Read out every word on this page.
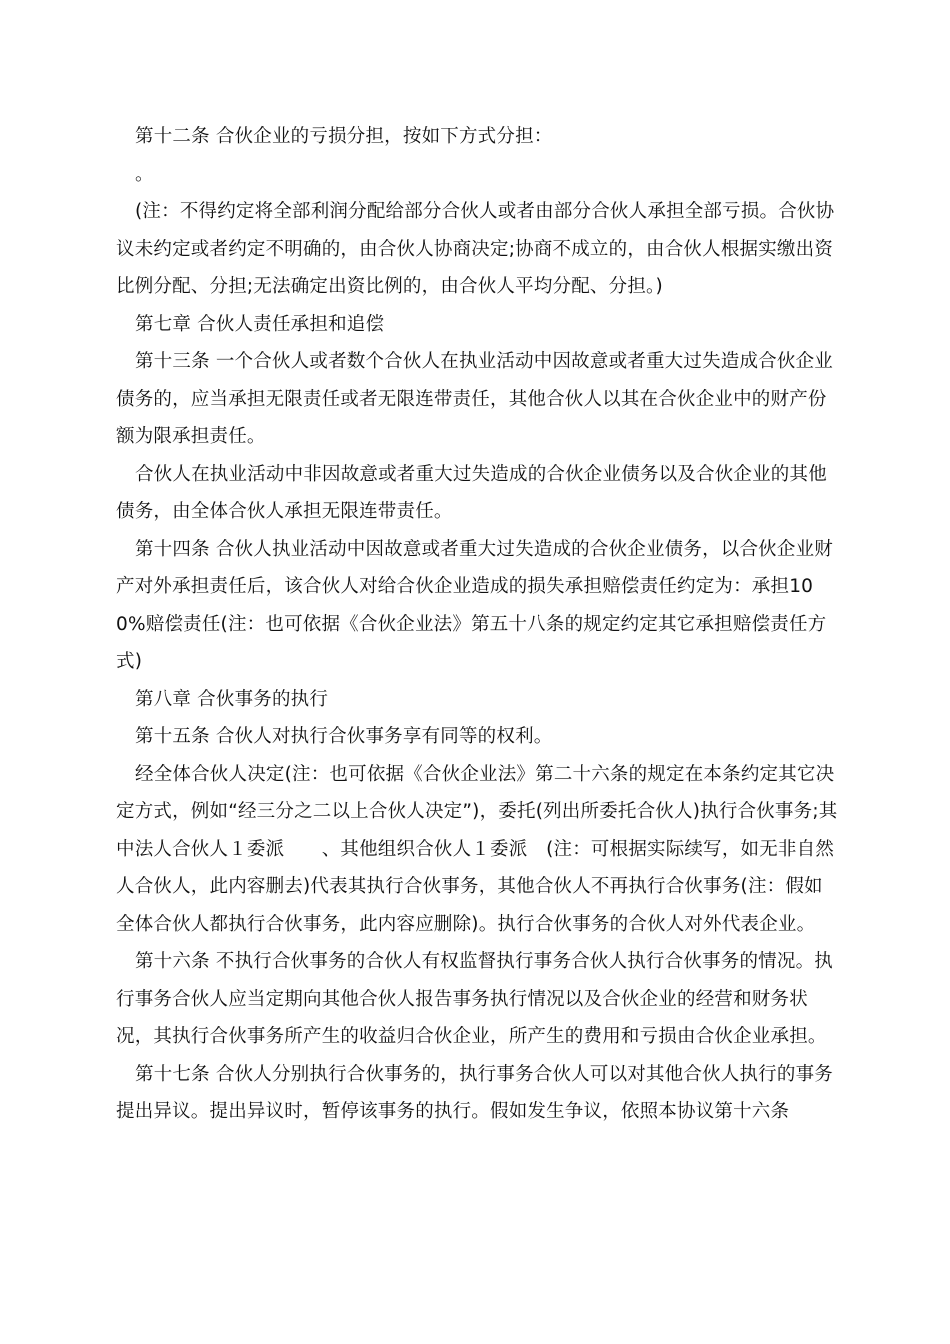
第十二条 合伙企业的亏损分担，按如下方式分担：

。

(注：不得约定将全部利润分配给部分合伙人或者由部分合伙人承担全部亏损。合伙协议未约定或者约定不明确的，由合伙人协商决定;协商不成立的，由合伙人根据实缴出资比例分配、分担;无法确定出资比例的，由合伙人平均分配、分担。)

第七章 合伙人责任承担和追偿

第十三条 一个合伙人或者数个合伙人在执业活动中因故意或者重大过失造成合伙企业债务的，应当承担无限责任或者无限连带责任，其他合伙人以其在合伙企业中的财产份额为限承担责任。

合伙人在执业活动中非因故意或者重大过失造成的合伙企业债务以及合伙企业的其他债务，由全体合伙人承担无限连带责任。

第十四条 合伙人执业活动中因故意或者重大过失造成的合伙企业债务，以合伙企业财产对外承担责任后，该合伙人对给合伙企业造成的损失承担赔偿责任约定为：承担100%赔偿责任(注：也可依据《合伙企业法》第五十八条的规定约定其它承担赔偿责任方式)

第八章 合伙事务的执行

第十五条 合伙人对执行合伙事务享有同等的权利。

经全体合伙人决定(注：也可依据《合伙企业法》第二十六条的规定在本条约定其它决定方式，例如“经三分之二以上合伙人决定”)，委托(列出所委托合伙人)执行合伙事务;其中法人合伙人１委派　　、其他组织合伙人１委派　(注：可根据实际续写，如无非自然人合伙人，此内容删去)代表其执行合伙事务，其他合伙人不再执行合伙事务(注：假如全体合伙人都执行合伙事务，此内容应删除)。执行合伙事务的合伙人对外代表企业。

第十六条 不执行合伙事务的合伙人有权监督执行事务合伙人执行合伙事务的情况。执行事务合伙人应当定期向其他合伙人报告事务执行情况以及合伙企业的经营和财务状况，其执行合伙事务所产生的收益归合伙企业，所产生的费用和亏损由合伙企业承担。

第十七条 合伙人分别执行合伙事务的，执行事务合伙人可以对其他合伙人执行的事务提出异议。提出异议时，暂停该事务的执行。假如发生争议，依照本协议第十六条
